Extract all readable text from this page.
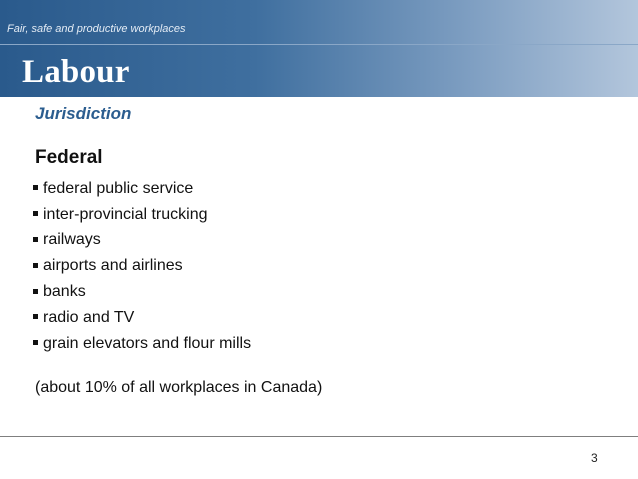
Fair, safe and productive workplaces
Labour
Jurisdiction
Federal
federal public service
inter-provincial trucking
railways
airports and airlines
banks
radio and TV
grain elevators and flour mills
(about 10% of all workplaces in Canada)
3
